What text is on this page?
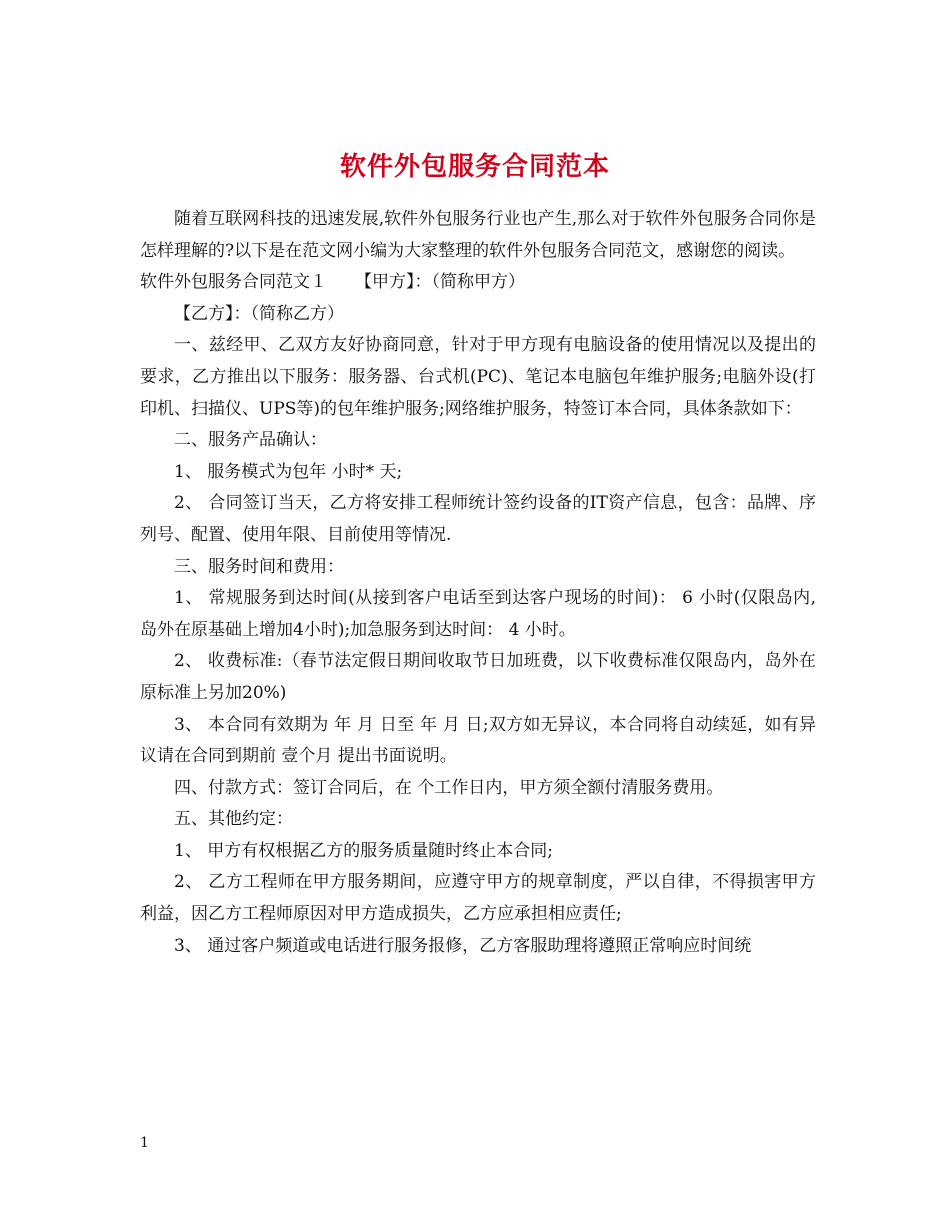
软件外包服务合同范本

随着互联网科技的迅速发展,软件外包服务行业也产生,那么对于软件外包服务合同你是怎样理解的?以下是在范文网小编为大家整理的软件外包服务合同范文，感谢您的阅读。

软件外包服务合同范文１ 【甲方】：（简称甲方）

【乙方】：（简称乙方）

一、兹经甲、乙双方友好协商同意，针对于甲方现有电脑设备的使用情况以及提出的要求，乙方推出以下服务：服务器、台式机(PC)、笔记本电脑包年维护服务;电脑外设(打印机、扫描仪、UPS等)的包年维护服务;网络维护服务，特签订本合同，具体条款如下：

二、服务产品确认：

1、 服务模式为包年 小时* 天;

2、 合同签订当天，乙方将安排工程师统计签约设备的IT资产信息，包含：品牌、序列号、配置、使用年限、目前使用等情况.

三、服务时间和费用：

1、 常规服务到达时间(从接到客户电话至到达客户现场的时间)： 6 小时(仅限岛内, 岛外在原基础上增加4小时);加急服务到达时间： 4 小时。

2、 收费标准:（春节法定假日期间收取节日加班费，以下收费标准仅限岛内，岛外在原标准上另加20%)

3、 本合同有效期为 年 月 日至 年 月 日;双方如无异议，本合同将自动续延，如有异议请在合同到期前 壹个月 提出书面说明。

四、付款方式：签订合同后，在 个工作日内，甲方须全额付清服务费用。

五、其他约定：

1、 甲方有权根据乙方的服务质量随时终止本合同;

2、 乙方工程师在甲方服务期间，应遵守甲方的规章制度，严以自律，不得损害甲方利益，因乙方工程师原因对甲方造成损失，乙方应承担相应责任;

3、 通过客户频道或电话进行服务报修，乙方客服助理将遵照正常响应时间统

1
